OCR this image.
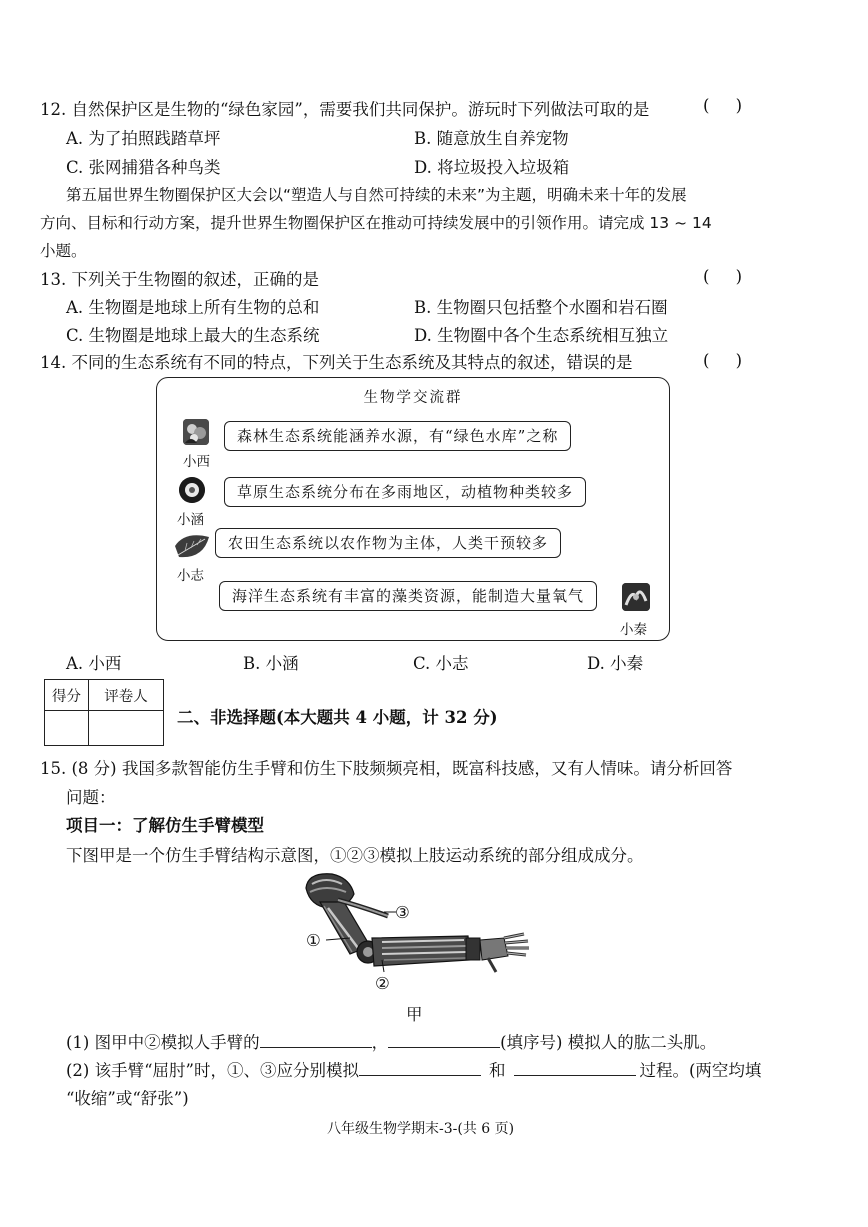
12. 自然保护区是生物的“绿色家园”，需要我们共同保护。游玩时下列做法可取的是	(     )
A. 为了拍照践踏草坪	B. 随意放生自养宠物
C. 张网捕猎各种鸟类	D. 将垃圾投入垃圾箱
第五届世界生物圈保护区大会以“塑造人与自然可持续的未来”为主题，明确未来十年的发展
方向、目标和行动方案，提升世界生物圈保护区在推动可持续发展中的引领作用。请完成 13 ~ 14
小题。
13. 下列关于生物圈的叙述，正确的是	(     )
A. 生物圈是地球上所有生物的总和	B. 生物圈只包括整个水圈和岩石圈
C. 生物圈是地球上最大的生态系统	D. 生物圈中各个生态系统相互独立
14. 不同的生态系统有不同的特点，下列关于生态系统及其特点的叙述，错误的是	(     )
生物学交流群
小西
森林生态系统能涵养水源，有“绿色水库”之称
小涵
草原生态系统分布在多雨地区，动植物种类较多
小志
农田生态系统以农作物为主体，人类干预较多
海洋生态系统有丰富的藻类资源，能制造大量氧气
小秦
A. 小西	B. 小涵	C. 小志	D. 小秦
得分	评卷人

二、非选择题(本大题共 4 小题，计 32 分)
15. (8 分) 我国多款智能仿生手臂和仿生下肢频频亮相，既富科技感，又有人情味。请分析回答
问题：
项目一：了解仿生手臂模型
下图甲是一个仿生手臂结构示意图，①②③模拟上肢运动系统的部分组成成分。
③
①
②
甲
(1) 图甲中②模拟人手臂的	，	(填序号) 模拟人的肱二头肌。
(2) 该手臂“屈肘”时，①、③应分别模拟	和	过程。(两空均填
“收缩”或“舒张”)
八年级生物学期末-3-(共 6 页)
